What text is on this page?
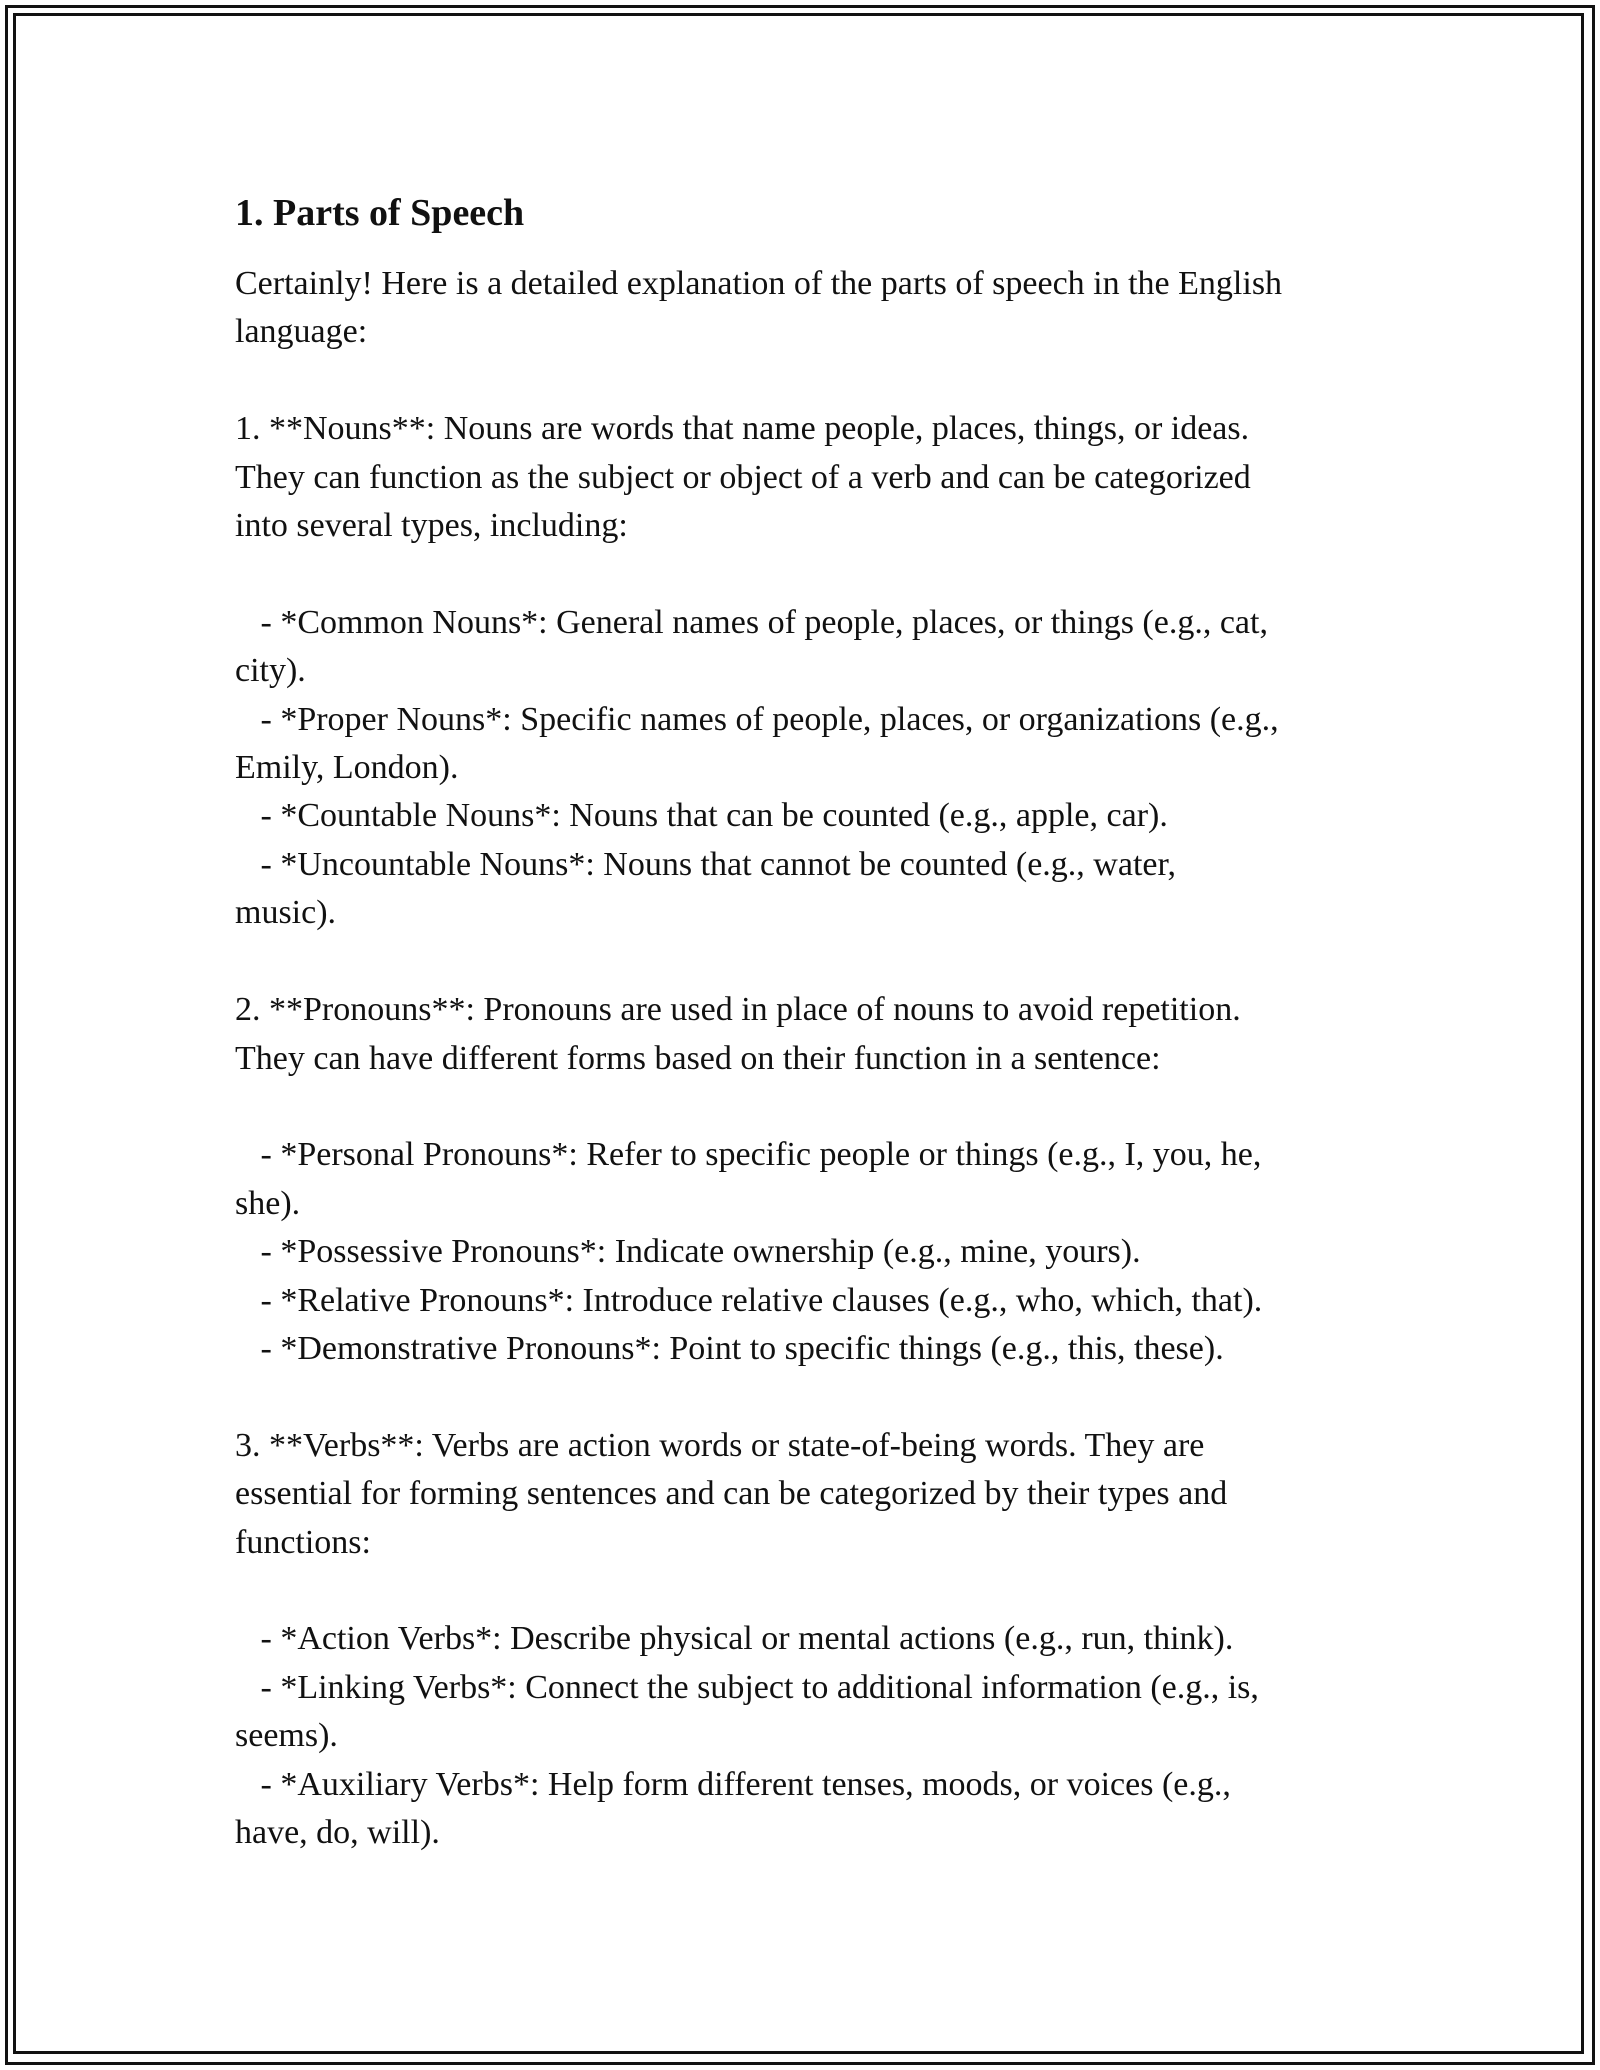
1. Parts of Speech

Certainly! Here is a detailed explanation of the parts of speech in the English
language:

1. **Nouns**: Nouns are words that name people, places, things, or ideas.
They can function as the subject or object of a verb and can be categorized
into several types, including:

- *Common Nouns*: General names of people, places, or things (e.g., cat,
city).
- *Proper Nouns*: Specific names of people, places, or organizations (e.g.,
Emily, London).
- *Countable Nouns*: Nouns that can be counted (e.g., apple, car).
- *Uncountable Nouns*: Nouns that cannot be counted (e.g., water,
music).

2. **Pronouns**: Pronouns are used in place of nouns to avoid repetition.
They can have different forms based on their function in a sentence:

- *Personal Pronouns*: Refer to specific people or things (e.g., I, you, he,
she).
- *Possessive Pronouns*: Indicate ownership (e.g., mine, yours).
- *Relative Pronouns*: Introduce relative clauses (e.g., who, which, that).
- *Demonstrative Pronouns*: Point to specific things (e.g., this, these).

3. **Verbs**: Verbs are action words or state-of-being words. They are
essential for forming sentences and can be categorized by their types and
functions:

- *Action Verbs*: Describe physical or mental actions (e.g., run, think).
- *Linking Verbs*: Connect the subject to additional information (e.g., is,
seems).
- *Auxiliary Verbs*: Help form different tenses, moods, or voices (e.g.,
have, do, will).
